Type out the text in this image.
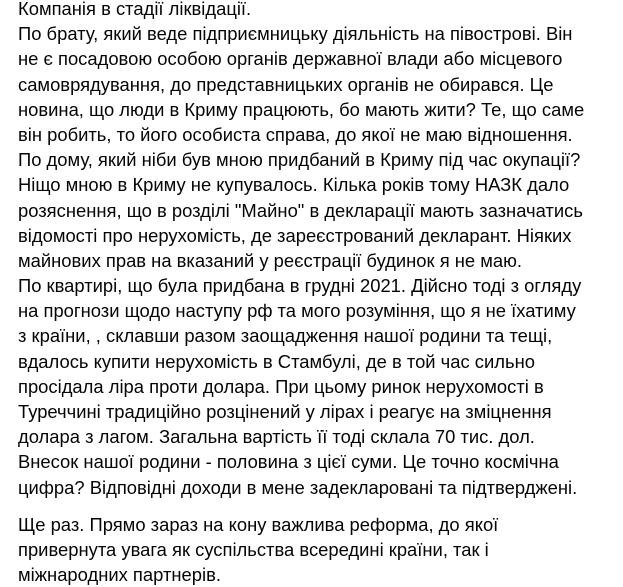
Компанія в стадії ліквідації.
По брату, який веде підприємницьку діяльність на півострові. Він
не є посадовою особою органів державної влади або місцевого
самоврядування, до представницьких органів не обирався. Це
новина, що люди в Криму працюють, бо мають жити? Те, що саме
він робить, то його особиста справа, до якої не маю відношення.
По дому, який ніби був мною придбаний в Криму під час окупації?
Ніщо мною в Криму не купувалось. Кілька років тому НАЗК дало
розяснення, що в розділі "Майно" в декларації мають зазначатись
відомості про нерухомість, де зареєстрований декларант. Ніяких
майнових прав на вказаний у реєстрації будинок я не маю.
По квартирі, що була придбана в грудні 2021. Дійсно тоді з огляду
на прогнози щодо наступу рф та мого розуміння, що я не їхатиму
з країни, , склавши разом заощадження нашої родини та тещі,
вдалось купити нерухомість в Стамбулі, де в той час сильно
просідала ліра проти долара. При цьому ринок нерухомості в
Туреччині традиційно розцінений у лірах і реагує на зміцнення
долара з лагом. Загальна вартість її тоді склала 70 тис. дол.
Внесок нашої родини - половина з цієї суми. Це точно космічна
цифра? Відповідні доходи в мене задекларовані та підтверджені.
Ще раз. Прямо зараз на кону важлива реформа, до якої
привернута увага як суспільства всередині країни, так і
міжнародних партнерів.
